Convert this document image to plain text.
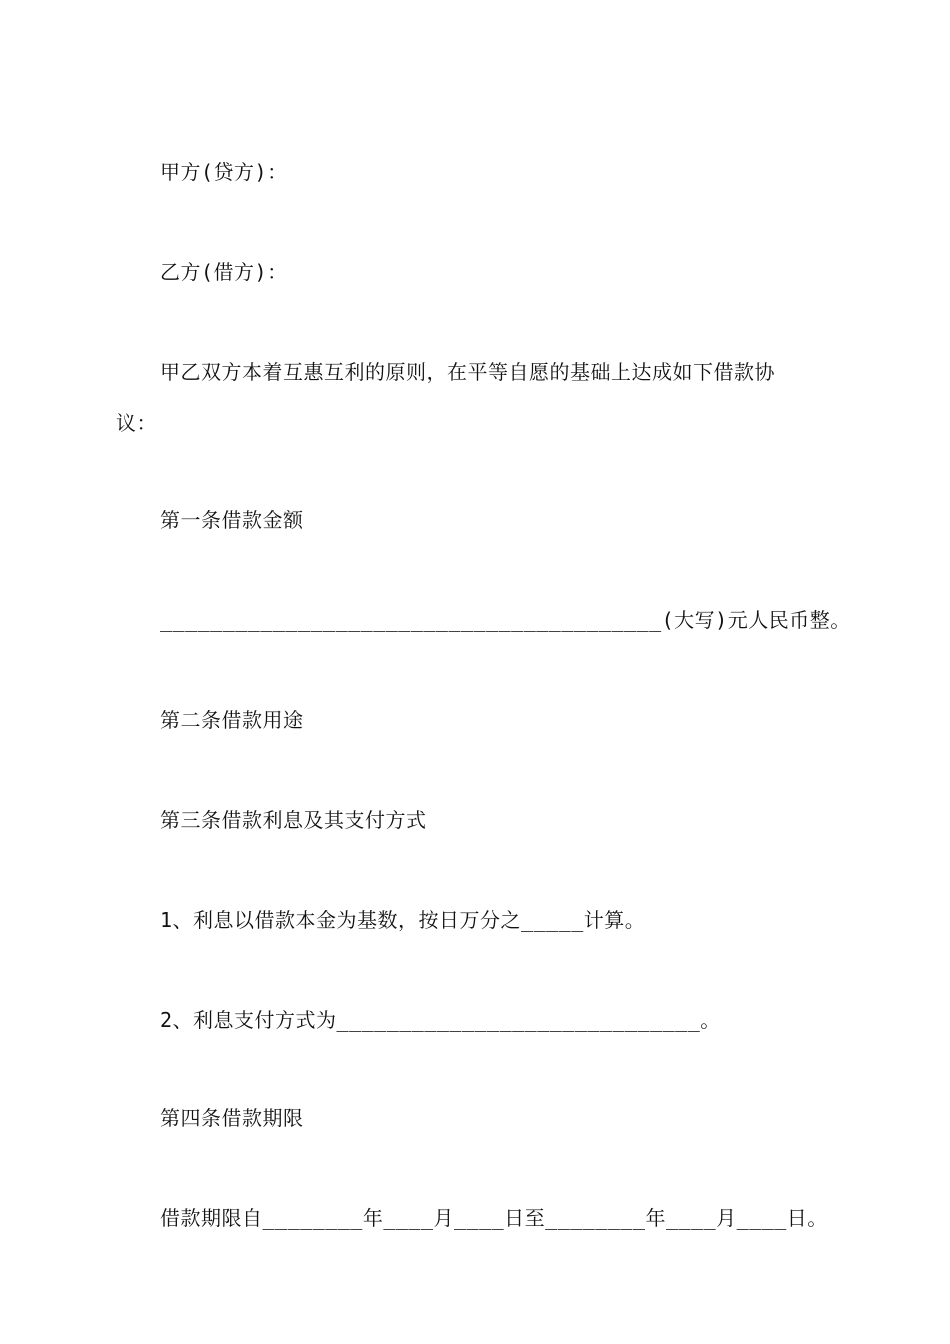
甲方(贷方)：
乙方(借方)：
甲乙双方本着互惠互利的原则，在平等自愿的基础上达成如下借款协
议：
第一条借款金额
________________________________________(大写)元人民币整。
第二条借款用途
第三条借款利息及其支付方式
1、利息以借款本金为基数，按日万分之_____计算。
2、利息支付方式为_____________________________。
第四条借款期限
借款期限自________年____月____日至________年____月____日。
